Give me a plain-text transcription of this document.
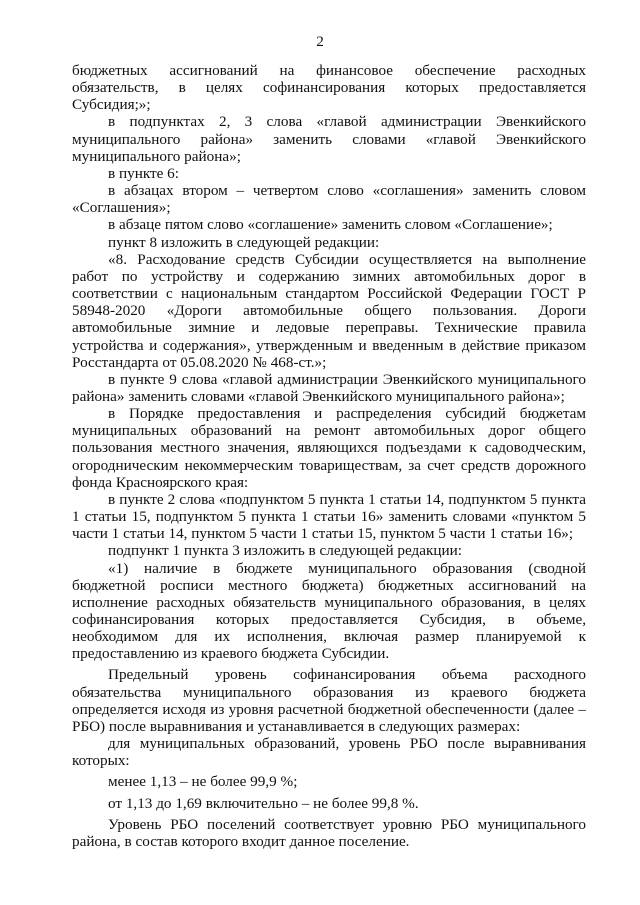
2

бюджетных ассигнований на финансовое обеспечение расходных обязательств, в целях софинансирования которых предоставляется Субсидия;»;

в подпунктах 2, 3 слова «главой администрации Эвенкийского муниципального района» заменить словами «главой Эвенкийского муниципального района»;

в пункте 6:

в абзацах втором – четвертом слово «соглашения» заменить словом «Соглашения»;

в абзаце пятом слово «соглашение» заменить словом «Соглашение»;

пункт 8 изложить в следующей редакции:

«8. Расходование средств Субсидии осуществляется на выполнение работ по устройству и содержанию зимних автомобильных дорог в соответствии с национальным стандартом Российской Федерации ГОСТ Р 58948-2020 «Дороги автомобильные общего пользования. Дороги автомобильные зимние и ледовые переправы. Технические правила устройства и содержания», утвержденным и введенным в действие приказом Росстандарта от 05.08.2020 № 468-ст.»;

в пункте 9 слова «главой администрации Эвенкийского муниципального района» заменить словами «главой Эвенкийского муниципального района»;

в Порядке предоставления и распределения субсидий бюджетам муниципальных образований на ремонт автомобильных дорог общего пользования местного значения, являющихся подъездами к садоводческим, огородническим некоммерческим товариществам, за счет средств дорожного фонда Красноярского края:

в пункте 2 слова «подпунктом 5 пункта 1 статьи 14, подпунктом 5 пункта 1 статьи 15, подпунктом 5 пункта 1 статьи 16» заменить словами «пунктом 5 части 1 статьи 14, пунктом 5 части 1 статьи 15, пунктом 5 части 1 статьи 16»;

подпункт 1 пункта 3 изложить в следующей редакции:

«1) наличие в бюджете муниципального образования (сводной бюджетной росписи местного бюджета) бюджетных ассигнований на исполнение расходных обязательств муниципального образования, в целях софинансирования которых предоставляется Субсидия, в объеме, необходимом для их исполнения, включая размер планируемой к предоставлению из краевого бюджета Субсидии.

Предельный уровень софинансирования объема расходного обязательства муниципального образования из краевого бюджета определяется исходя из уровня расчетной бюджетной обеспеченности (далее – РБО) после выравнивания и устанавливается в следующих размерах:

для муниципальных образований, уровень РБО после выравнивания которых:

менее 1,13 – не более 99,9 %;

от 1,13 до 1,69 включительно – не более 99,8 %.

Уровень РБО поселений соответствует уровню РБО муниципального района, в состав которого входит данное поселение.
